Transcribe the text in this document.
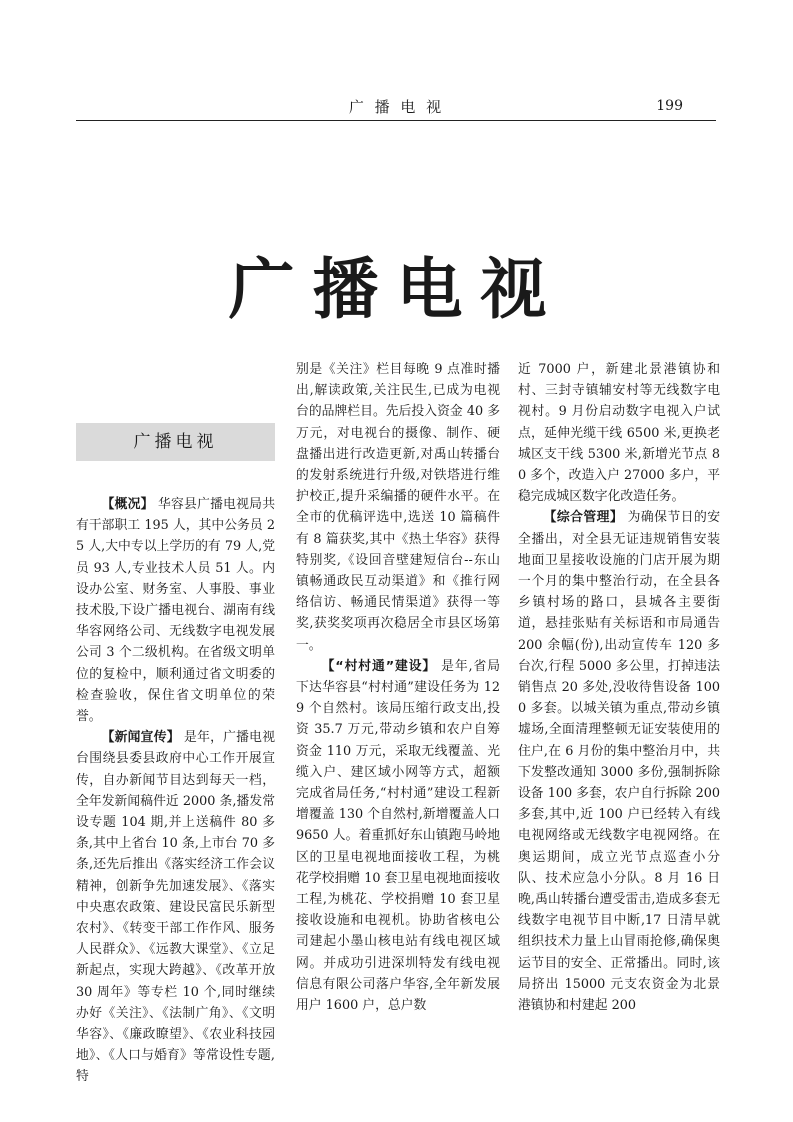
广 播 电 视	199
广播电视
广播电视

【概况】 华容县广播电视局共有干部职工 195 人，其中公务员 25 人,大中专以上学历的有 79 人,党员 93 人,专业技术人员 51 人。内设办公室、财务室、人事股、事业技术股,下设广播电视台、湖南有线华容网络公司、无线数字电视发展公司 3 个二级机构。在省级文明单位的复检中，顺利通过省文明委的检查验收，保住省文明单位的荣誉。

【新闻宣传】 是年，广播电视台围绕县委县政府中心工作开展宣传，自办新闻节目达到每天一档，全年发新闻稿件近 2000 条,播发常设专题 104 期,并上送稿件 80 多条,其中上省台 10 条,上市台 70 多条,还先后推出《落实经济工作会议精神，创新争先加速发展》、《落实中央惠农政策、建设民富民乐新型农村》、《转变干部工作作风、服务人民群众》、《远教大课堂》、《立足新起点，实现大跨越》、《改革开放 30 周年》等专栏 10 个,同时继续办好《关注》、《法制广角》、《文明华容》、《廉政瞭望》、《农业科技园地》、《人口与婚育》等常设性专题,特

别是《关注》栏目每晚 9 点准时播出,解读政策,关注民生,已成为电视台的品牌栏目。先后投入资金 40 多万元，对电视台的摄像、制作、硬盘播出进行改造更新,对禹山转播台的发射系统进行升级,对铁塔进行维护校正,提升采编播的硬件水平。在全市的优稿评选中,选送 10 篇稿件有 8 篇获奖,其中《热土华容》获得特别奖,《设回音壁建短信台--东山镇畅通政民互动渠道》和《推行网络信访、畅通民情渠道》获得一等奖,获奖奖项再次稳居全市县区场第一。

【“村村通”建设】 是年,省局下达华容县“村村通”建设任务为 129 个自然村。该局压缩行政支出,投资 35.7 万元,带动乡镇和农户自筹资金 110 万元，采取无线覆盖、光缆入户、建区域小网等方式，超额完成省局任务,“村村通”建设工程新增覆盖 130 个自然村,新增覆盖人口 9650 人。着重抓好东山镇跑马岭地区的卫星电视地面接收工程，为桃花学校捐赠 10 套卫星电视地面接收工程,为桃花、学校捐赠 10 套卫星接收设施和电视机。协助省核电公司建起小墨山核电站有线电视区域网。并成功引进深圳特发有线电视信息有限公司落户华容,全年新发展用户 1600 户，总户数

近 7000 户，新建北景港镇协和村、三封寺镇辅安村等无线数字电视村。9 月份启动数字电视入户试点，延伸光缆干线 6500 米,更换老城区支干线 5300 米,新增光节点 80 多个，改造入户 27000 多户，平稳完成城区数字化改造任务。

【综合管理】 为确保节日的安全播出，对全县无证违规销售安装地面卫星接收设施的门店开展为期一个月的集中整治行动，在全县各乡镇村场的路口，县城各主要街道，悬挂张贴有关标语和市局通告 200 余幅(份),出动宣传车 120 多台次,行程 5000 多公里，打掉违法销售点 20 多处,没收待售设备 1000 多套。以城关镇为重点,带动乡镇墟场,全面清理整顿无证安装使用的住户,在 6 月份的集中整治月中，共下发整改通知 3000 多份,强制拆除设备 100 多套，农户自行拆除 200 多套,其中,近 100 户已经转入有线电视网络或无线数字电视网络。在奥运期间，成立光节点巡查小分队、技术应急小分队。8 月 16 日晚,禹山转播台遭受雷击,造成多套无线数字电视节目中断,17 日清早就组织技术力量上山冒雨抢修,确保奥运节目的安全、正常播出。同时,该局挤出 15000 元支农资金为北景港镇协和村建起 200
